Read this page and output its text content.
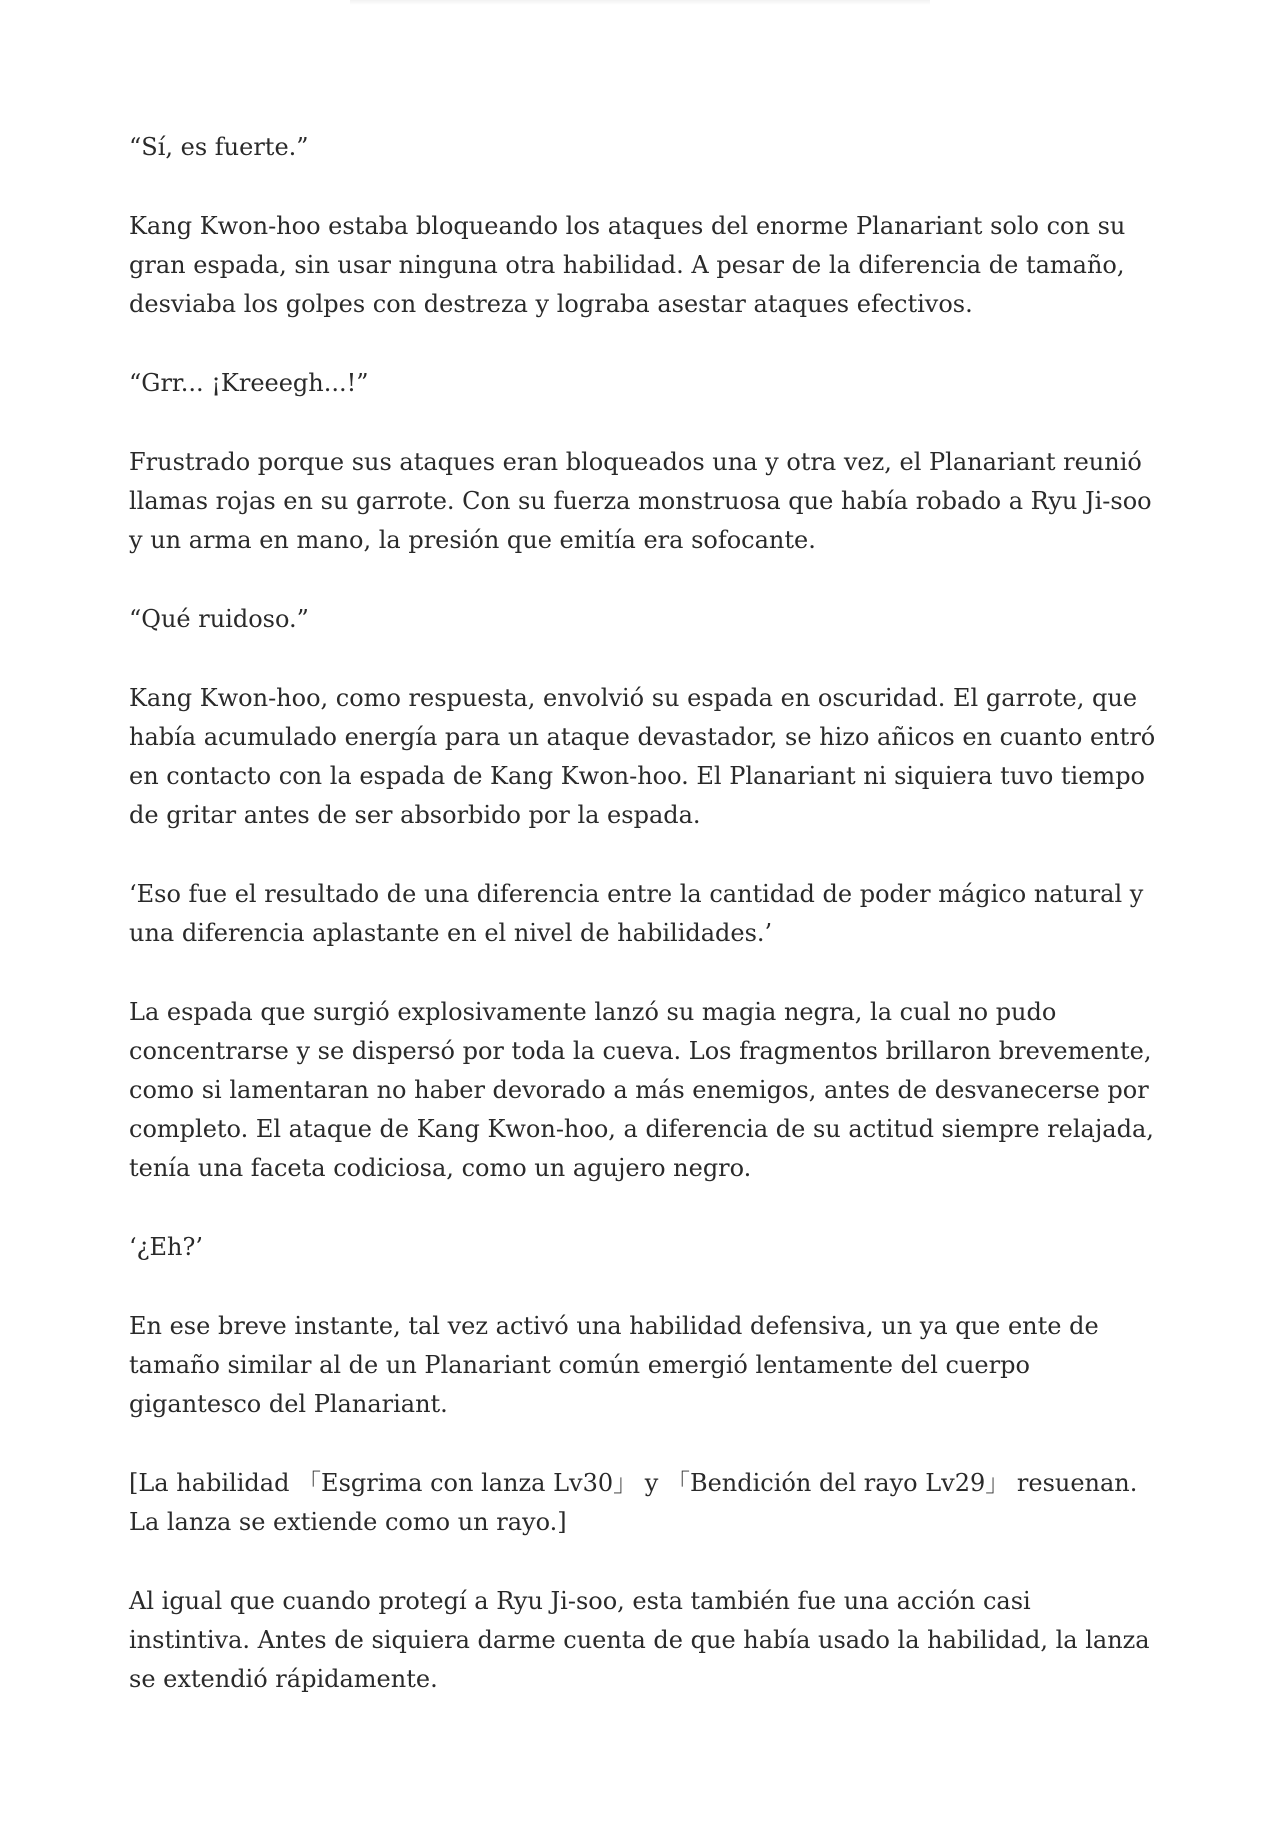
“Sí, es fuerte.”

Kang Kwon-hoo estaba bloqueando los ataques del enorme Planariant solo con su gran espada, sin usar ninguna otra habilidad. A pesar de la diferencia de tamaño, desviaba los golpes con destreza y lograba asestar ataques efectivos.

“Grr... ¡Kreeegh...!”

Frustrado porque sus ataques eran bloqueados una y otra vez, el Planariant reunió llamas rojas en su garrote. Con su fuerza monstruosa que había robado a Ryu Ji-soo y un arma en mano, la presión que emitía era sofocante.

“Qué ruidoso.”

Kang Kwon-hoo, como respuesta, envolvió su espada en oscuridad. El garrote, que había acumulado energía para un ataque devastador, se hizo añicos en cuanto entró en contacto con la espada de Kang Kwon-hoo. El Planariant ni siquiera tuvo tiempo de gritar antes de ser absorbido por la espada.

‘Eso fue el resultado de una diferencia entre la cantidad de poder mágico natural y una diferencia aplastante en el nivel de habilidades.’

La espada que surgió explosivamente lanzó su magia negra, la cual no pudo concentrarse y se dispersó por toda la cueva. Los fragmentos brillaron brevemente, como si lamentaran no haber devorado a más enemigos, antes de desvanecerse por completo. El ataque de Kang Kwon-hoo, a diferencia de su actitud siempre relajada, tenía una faceta codiciosa, como un agujero negro.

‘¿Eh?’

En ese breve instante, tal vez activó una habilidad defensiva, un ya que ente de tamaño similar al de un Planariant común emergió lentamente del cuerpo gigantesco del Planariant.

[La habilidad 「Esgrima con lanza Lv30」 y 「Bendición del rayo Lv29」 resuenan. La lanza se extiende como un rayo.]

Al igual que cuando protegí a Ryu Ji-soo, esta también fue una acción casi instintiva. Antes de siquiera darme cuenta de que había usado la habilidad, la lanza se extendió rápidamente.
